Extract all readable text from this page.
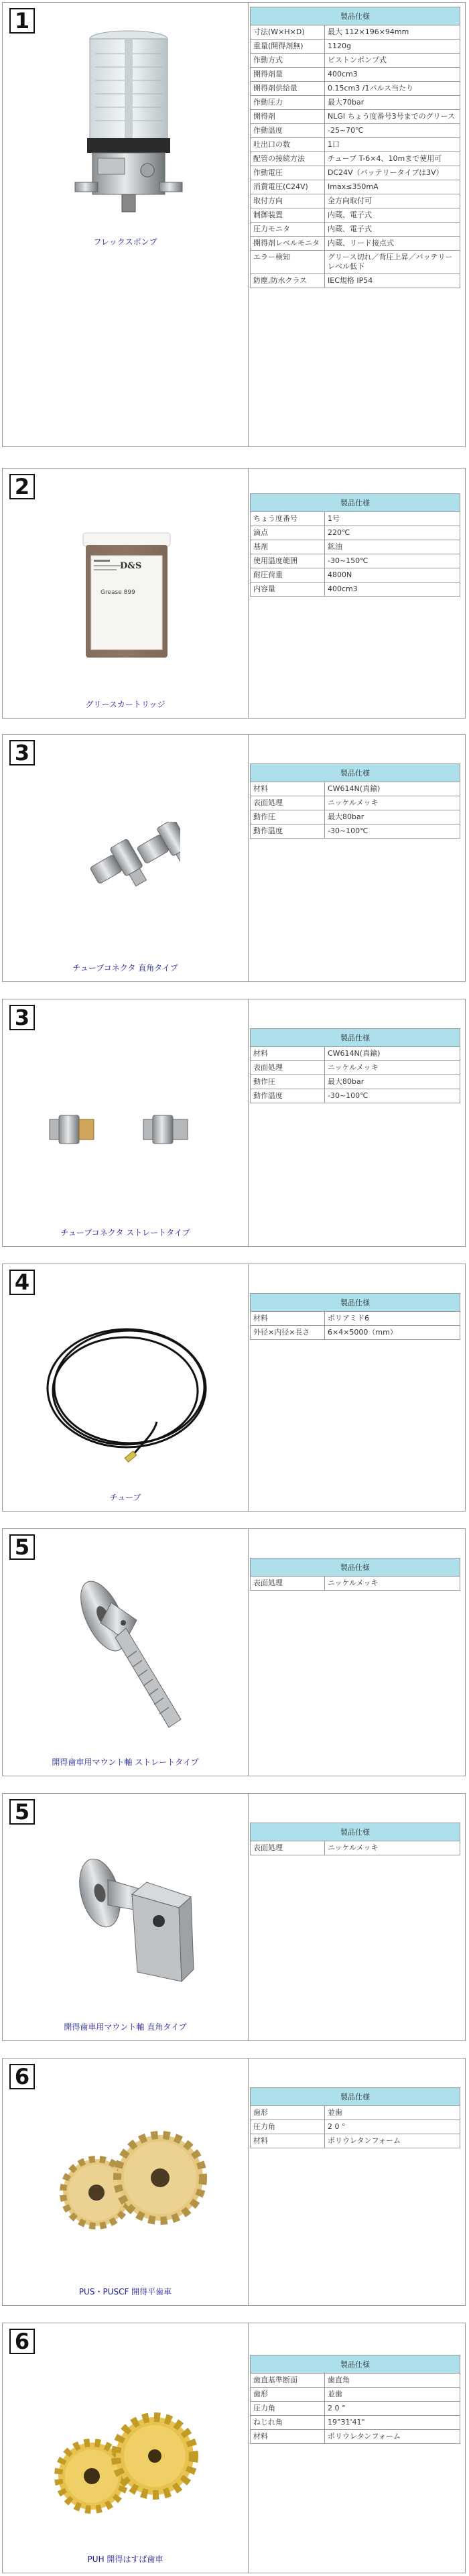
1
フレックスポンプ
製品仕様	
寸法(W×H×D)	最大 112×196×94mm
重量(開得剤無)	1120g
作動方式	ピストンポンプ式
開得剤量	400cm3
開得剤供給量	0.15cm3 /1パルス当たり
作動圧力	最大70bar
開得剤	NLGI ちょう度番号3号までのグリース
作動温度	-25~70℃
吐出口の数	1口
配管の接続方法	チューブ T-6×4、10mまで使用可
作動電圧	DC24V（バッテリータイプは3V）
消費電圧(C24V)	Imax≤350mA
取付方向	全方向取付可
制御装置	内蔵、電子式
圧力モニタ	内蔵、電子式
開得剤レベルモニタ	内蔵、リード接点式
エラー検知	グリース切れ／背圧上昇／バッテリーレベル低下
防塵,防水クラス	IEC規格 IP54
2
D&S
Grease 899
グリースカートリッジ
製品仕様	
ちょう度番号	1号
滴点	220℃
基剤	鉱油
使用温度範囲	-30~150℃
耐圧荷重	4800N
内容量	400cm3
3
チューブコネクタ 直角タイプ
製品仕様	
材料	CW614N(真鍮)
表面処理	ニッケルメッキ
動作圧	最大80bar
動作温度	-30~100℃
3
チューブコネクタ ストレートタイプ
製品仕様	
材料	CW614N(真鍮)
表面処理	ニッケルメッキ
動作圧	最大80bar
動作温度	-30~100℃
4
チューブ
製品仕様	
材料	ポリアミド6
外径×内径×長さ	6×4×5000（mm）
5
開得歯車用マウント軸 ストレートタイプ
製品仕様
表面処理	ニッケルメッキ
5
開得歯車用マウント軸 直角タイプ
製品仕様
表面処理	ニッケルメッキ
6
PUS・PUSCF 開得平歯車
製品仕様	
歯形	並歯
圧力角	2 0 °
材料	ポリウレタンフォーム
6
PUH 開得はすば歯車
製品仕様	
歯直基準断面	歯直角
歯形	並歯
圧力角	2 0 °
ねじれ角	19°31'41"
材料	ポリウレタンフォーム
